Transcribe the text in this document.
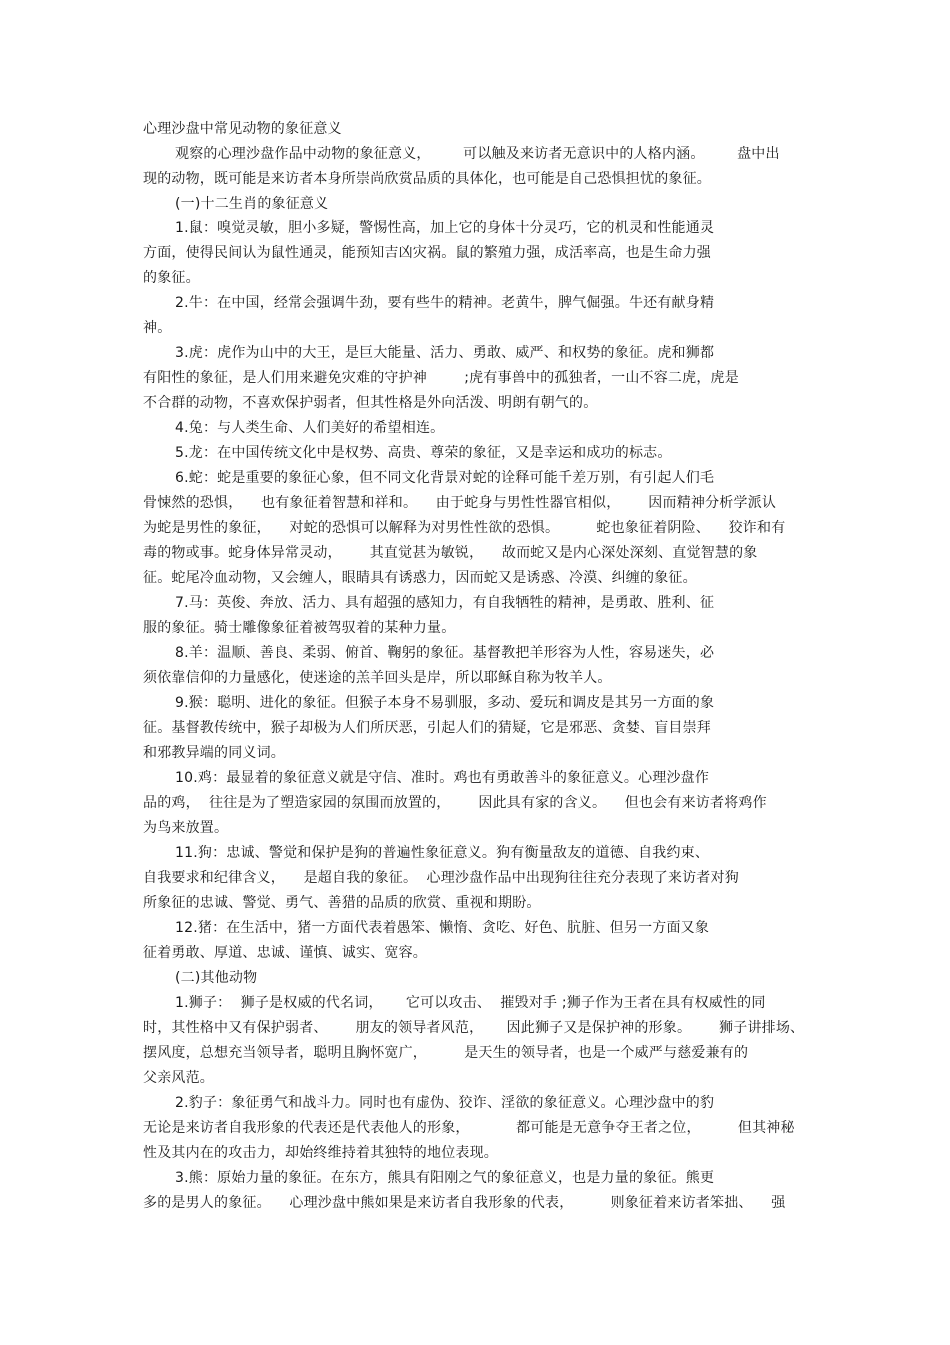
心理沙盘中常见动物的象征意义
观察的心理沙盘作品中动物的象征意义，       可以触及来访者无意识中的人格内涵。       盘中出
现的动物，既可能是来访者本身所崇尚欣赏品质的具体化，也可能是自己恐惧担忧的象征。
(一)十二生肖的象征意义
1.鼠：嗅觉灵敏，胆小多疑，警惕性高，加上它的身体十分灵巧，它的机灵和性能通灵
方面，使得民间认为鼠性通灵，能预知吉凶灾祸。鼠的繁殖力强，成活率高，也是生命力强
的象征。
2.牛：在中国，经常会强调牛劲，要有些牛的精神。老黄牛，脾气倔强。牛还有献身精
神。
3.虎：虎作为山中的大王，是巨大能量、活力、勇敢、威严、和权势的象征。虎和狮都
有阳性的象征，是人们用来避免灾难的守护神        ;虎有事兽中的孤独者，一山不容二虎，虎是
不合群的动物，不喜欢保护弱者，但其性格是外向活泼、明朗有朝气的。
4.兔：与人类生命、人们美好的希望相连。
5.龙：在中国传统文化中是权势、高贵、尊荣的象征，又是幸运和成功的标志。
6.蛇：蛇是重要的象征心象，但不同文化背景对蛇的诠释可能千差万别，有引起人们毛
骨悚然的恐惧，    也有象征着智慧和祥和。    由于蛇身与男性性器官相似，      因而精神分析学派认
为蛇是男性的象征，    对蛇的恐惧可以解释为对男性性欲的恐惧。        蛇也象征着阴险、    狡诈和有
毒的物或事。蛇身体异常灵动，      其直觉甚为敏锐，    故而蛇又是内心深处深刻、直觉智慧的象
征。蛇尾冷血动物，又会缠人，眼睛具有诱惑力，因而蛇又是诱惑、冷漠、纠缠的象征。
7.马：英俊、奔放、活力、具有超强的感知力，有自我牺牲的精神，是勇敢、胜利、征
服的象征。骑士雕像象征着被驾驭着的某种力量。
8.羊：温顺、善良、柔弱、俯首、鞠躬的象征。基督教把羊形容为人性，容易迷失，必
须依靠信仰的力量感化，使迷途的羔羊回头是岸，所以耶稣自称为牧羊人。
9.猴：聪明、进化的象征。但猴子本身不易驯服，多动、爱玩和调皮是其另一方面的象
征。基督教传统中，猴子却极为人们所厌恶，引起人们的猜疑，它是邪恶、贪婪、盲目崇拜
和邪教异端的同义词。
10.鸡：最显着的象征意义就是守信、准时。鸡也有勇敢善斗的象征意义。心理沙盘作
品的鸡，  往往是为了塑造家园的氛围而放置的，      因此具有家的含义。    但也会有来访者将鸡作
为鸟来放置。
11.狗：忠诚、警觉和保护是狗的普遍性象征意义。狗有衡量敌友的道德、自我约束、
自我要求和纪律含义，    是超自我的象征。  心理沙盘作品中出现狗往往充分表现了来访者对狗
所象征的忠诚、警觉、勇气、善猎的品质的欣赏、重视和期盼。
12.猪：在生活中，猪一方面代表着愚笨、懒惰、贪吃、好色、肮脏、但另一方面又象
征着勇敢、厚道、忠诚、谨慎、诚实、宽容。
(二)其他动物
1.狮子：  狮子是权威的代名词，     它可以攻击、  摧毁对手 ;狮子作为王者在具有权威性的同
时，其性格中又有保护弱者、      朋友的领导者风范，     因此狮子又是保护神的形象。      狮子讲排场、
摆风度，总想充当领导者，聪明且胸怀宽广，        是天生的领导者，也是一个威严与慈爱兼有的
父亲风范。
2.豹子：象征勇气和战斗力。同时也有虚伪、狡诈、淫欲的象征意义。心理沙盘中的豹
无论是来访者自我形象的代表还是代表他人的形象，          都可能是无意争夺王者之位，        但其神秘
性及其内在的攻击力，却始终维持着其独特的地位表现。
3.熊：原始力量的象征。在东方，熊具有阳刚之气的象征意义，也是力量的象征。熊更
多的是男人的象征。    心理沙盘中熊如果是来访者自我形象的代表，        则象征着来访者笨拙、    强
